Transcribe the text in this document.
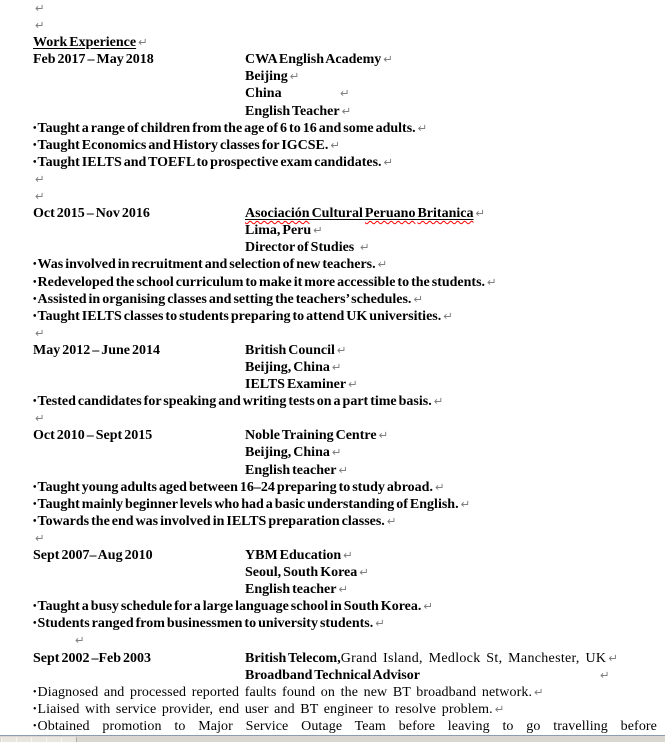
↵
↵
Work Experience ↵
Feb 2017 – May 2018	CWA English Academy ↵
Beijing ↵
China	↵
English Teacher ↵
•Taught a range of children from the age of 6 to 16 and some adults. ↵
•Taught Economics and History classes for IGCSE. ↵
•Taught IELTS and TOEFL to prospective exam candidates. ↵
↵
↵
Oct 2015 – Nov 2016	Asociación Cultural Peruano Britanica ↵
Lima, Peru ↵
Director of Studies ↵
•Was involved in recruitment and selection of new teachers. ↵
•Redeveloped the school curriculum to make it more accessible to the students. ↵
•Assisted in organising classes and setting the teachers’ schedules. ↵
•Taught IELTS classes to students preparing to attend UK universities. ↵
↵
May 2012 – June 2014	British Council ↵
Beijing, China ↵
IELTS Examiner ↵
•Tested candidates for speaking and writing tests on a part time basis. ↵
↵
Oct 2010 – Sept 2015	Noble Training Centre ↵
Beijing, China ↵
English teacher ↵
•Taught young adults aged between 16–24 preparing to study abroad. ↵
•Taught mainly beginner levels who had a basic understanding of English. ↵
•Towards the end was involved in IELTS preparation classes. ↵
↵
Sept 2007– Aug 2010	YBM Education ↵
Seoul, South Korea ↵
English teacher ↵
•Taught a busy schedule for a large language school in South Korea. ↵
•Students ranged from businessmen to university students. ↵
↵
Sept 2002 –Feb 2003	British Telecom,Grand Island, Medlock St, Manchester, UK ↵
Broadband Technical Advisor	↵
•Diagnosed and processed reported faults found on the new BT broadband network. ↵
•Liaised with service provider, end user and BT engineer to resolve problem. ↵
•Obtained promotion to Major Service Outage Team before leaving to go travelling before
